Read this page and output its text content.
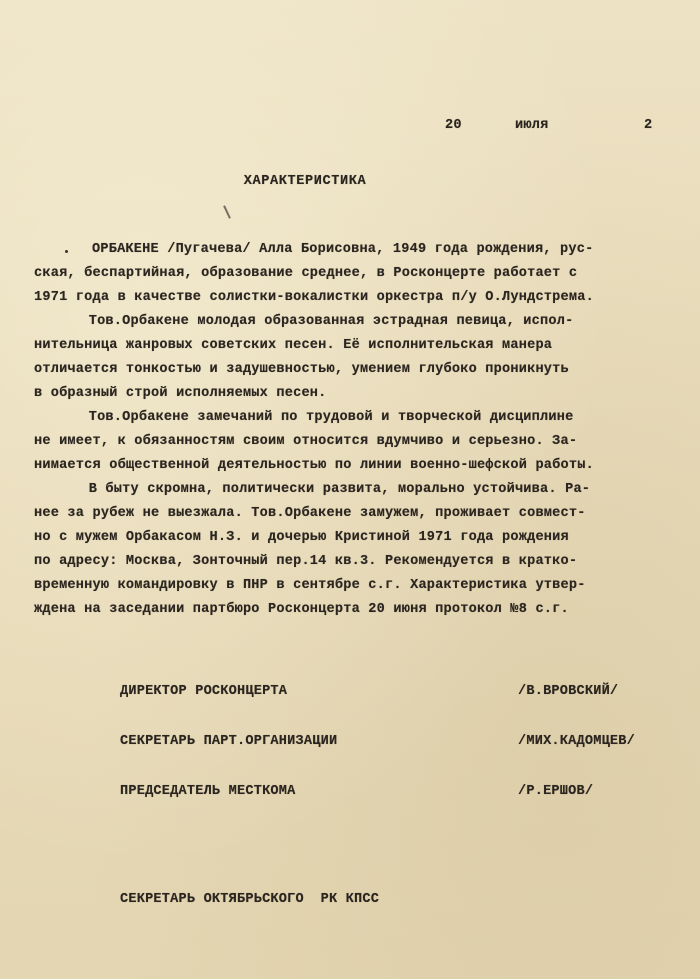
20	июля	2
ХАРАКТЕРИСТИКА
ОРБАКЕНЕ /Пугачева/ Алла Борисовна, 1949 года рождения, рус-
ская, беспартийная, образование среднее, в Росконцерте работает с
1971 года в качестве солистки-вокалистки оркестра п/у О.Лундстрема.
Тов.Орбакене молодая образованная эстрадная певица, испол-
нительница жанровых советских песен. Её исполнительская манера
отличается тонкостью и задушевностью, умением глубоко проникнуть
в образный строй исполняемых песен.
Тов.Орбакене замечаний по трудовой и творческой дисциплине
не имеет, к обязанностям своим относится вдумчиво и серьезно. За-
нимается общественной деятельностью по линии военно-шефской работы.
В быту скромна, политически развита, морально устойчива. Ра-
нее за рубеж не выезжала. Тов.Орбакене замужем, проживает совмест-
но с мужем Орбакасом Н.З. и дочерью Кристиной 1971 года рождения
по адресу: Москва, Зонточный пер.14 кв.3. Рекомендуется в кратко-
временную командировку в ПНР в сентябре с.г. Характеристика утвер-
ждена на заседании партбюро Росконцерта 20 июня протокол №8 с.г.
ДИРЕКТОР РОСКОНЦЕРТА	/В.ВРОВСКИЙ/
СЕКРЕТАРЬ ПАРТ.ОРГАНИЗАЦИИ	/МИХ.КАДОМЦЕВ/
ПРЕДСЕДАТЕЛЬ МЕСТКОМА	/Р.ЕРШОВ/
СЕКРЕТАРЬ ОКТЯБРЬСКОГО  РК КПСС
